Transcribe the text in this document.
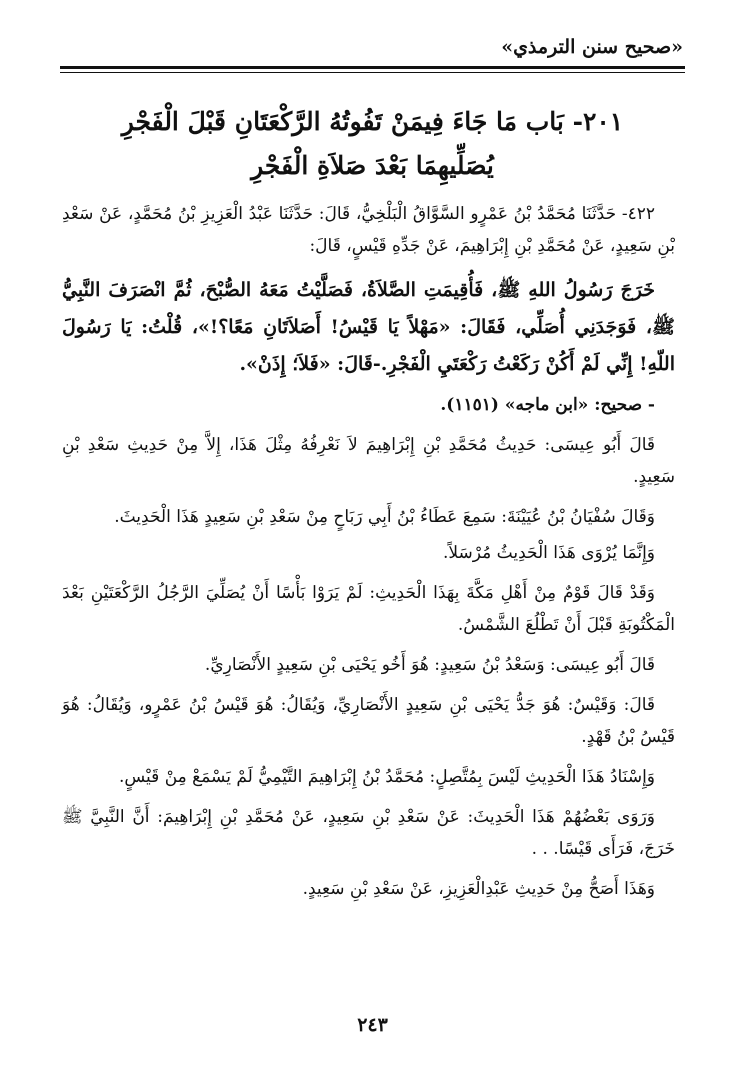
«صحيح سنن الترمذي»
٢٠١- بَاب مَا جَاءَ فِيمَنْ تَفُوتُهُ الرَّكْعَتَانِ قَبْلَ الْفَجْرِ
يُصَلِّيهِمَا بَعْدَ صَلاَةِ الْفَجْرِ

٤٢٢- حَدَّثَنَا مُحَمَّدُ بْنُ عَمْرٍو السَّوَّاقُ الْبَلْخِيُّ، قَالَ: حَدَّثَنَا عَبْدُ الْعَزِيزِ بْنُ مُحَمَّدٍ، عَنْ سَعْدِ بْنِ سَعِيدٍ، عَنْ مُحَمَّدِ بْنِ إِبْرَاهِيمَ، عَنْ جَدِّهِ قَيْسٍ، قَالَ:

خَرَجَ رَسُولُ اللهِ ﷺ، فَأُقِيمَتِ الصَّلاَةُ، فَصَلَّيْتُ مَعَهُ الصُّبْحَ، ثُمَّ انْصَرَفَ النَّبِيُّ ﷺ، فَوَجَدَنِي أُصَلِّي، فَقَالَ: «مَهْلاً يَا قَيْسُ! أَصَلاَتَانِ مَعًا؟!»، قُلْتُ: يَا رَسُولَ اللّهِ! إِنِّي لَمْ أَكُنْ رَكَعْتُ رَكْعَتَيِ الْفَجْرِ.-قَالَ: «فَلاَ؛ إِذَنْ».

- صحيح: «ابن ماجه» (١١٥١).

قَالَ أَبُو عِيسَى: حَدِيثُ مُحَمَّدِ بْنِ إِبْرَاهِيمَ لاَ نَعْرِفُهُ مِثْلَ هَذَا، إِلاَّ مِنْ حَدِيثِ سَعْدِ بْنِ سَعِيدٍ.

وَقَالَ سُفْيَانُ بْنُ عُيَيْنَةَ: سَمِعَ عَطَاءُ بْنُ أَبِي رَبَاحٍ مِنْ سَعْدِ بْنِ سَعِيدٍ هَذَا الْحَدِيثَ.

وَإِنَّمَا يُرْوَى هَذَا الْحَدِيثُ مُرْسَلاً.

وَقَدْ قَالَ قَوْمٌ مِنْ أَهْلِ مَكَّةَ بِهَذَا الْحَدِيثِ: لَمْ يَرَوْا بَأْسًا أَنْ يُصَلِّيَ الرَّجُلُ الرَّكْعَتَيْنِ بَعْدَ الْمَكْتُوبَةِ قَبْلَ أَنْ تَطْلُعَ الشَّمْسُ.

قَالَ أَبُو عِيسَى: وَسَعْدُ بْنُ سَعِيدٍ: هُوَ أَخُو يَحْيَى بْنِ سَعِيدٍ الأَنْصَارِيِّ.

قَالَ: وَقَيْسٌ: هُوَ جَدُّ يَحْيَى بْنِ سَعِيدٍ الأَنْصَارِيِّ، وَيُقَالُ: هُوَ قَيْسُ بْنُ عَمْرٍو، وَيُقَالُ: هُوَ قَيْسُ بْنُ قَهْدٍ.

وَإِسْنَادُ هَذَا الْحَدِيثِ لَيْسَ بِمُتَّصِلٍ: مُحَمَّدُ بْنُ إِبْرَاهِيمَ التَّيْمِيُّ لَمْ يَسْمَعْ مِنْ قَيْسٍ.

وَرَوَى بَعْضُهُمْ هَذَا الْحَدِيثَ: عَنْ سَعْدِ بْنِ سَعِيدٍ، عَنْ مُحَمَّدِ بْنِ إِبْرَاهِيمَ: أَنَّ النَّبِيَّ ﷺ خَرَجَ، فَرَأَى قَيْسًا. . .

وَهَذَا أَصَحُّ مِنْ حَدِيثِ عَبْدِالْعَزِيزِ، عَنْ سَعْدِ بْنِ سَعِيدٍ.

٢٤٣
